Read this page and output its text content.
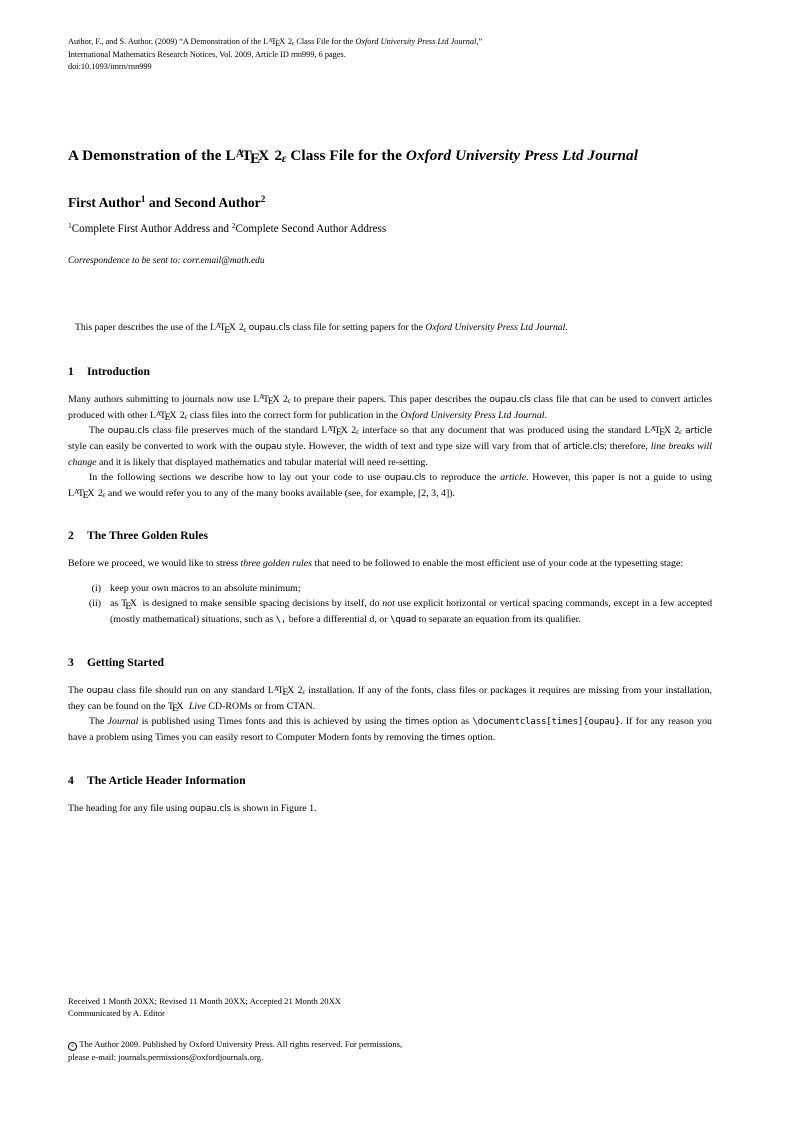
Author, F., and S. Author. (2009) “A Demonstration of the $L^ATEX$ 2ε Class File for the Oxford University Press Ltd Journal,”
International Mathematics Research Notices, Vol. 2009, Article ID rnn999, 6 pages.
doi:10.1093/imrn/rnn999
A Demonstration of the $L^ATEX$ 2ε Class File for the Oxford University Press Ltd Journal
First Author$^1$ and Second Author$^2$
$^1$Complete First Author Address and $^2$Complete Second Author Address
Correspondence to be sent to: corr.email@math.edu
This paper describes the use of the $L^ATEX$ 2ε oupau.cls class file for setting papers for the Oxford University Press Ltd Journal.
1 Introduction

Many authors submitting to journals now use $L^ATEX$ 2ε to prepare their papers. This paper describes the oupau.cls class file that can be used to convert articles produced with other $L^ATEX$ 2ε class files into the correct form for publication in the Oxford University Press Ltd Journal.

The oupau.cls class file preserves much of the standard $L^ATEX$ 2ε interface so that any document that was produced using the standard $L^ATEX$ 2ε article style can easily be converted to work with the oupau style. However, the width of text and type size will vary from that of article.cls; therefore, line breaks will change and it is likely that displayed mathematics and tabular material will need re-setting.

In the following sections we describe how to lay out your code to use oupau.cls to reproduce the article. However, this paper is not a guide to using $L^ATEX$ 2ε and we would refer you to any of the many books available (see, for example, [2, 3, 4]).

2 The Three Golden Rules

Before we proceed, we would like to stress three golden rules that need to be followed to enable the most efficient use of your code at the typesetting stage:

(i) keep your own macros to an absolute minimum;
(ii) as TEX is designed to make sensible spacing decisions by itself, do not use explicit horizontal or vertical spacing commands, except in a few accepted (mostly mathematical) situations, such as \, before a differential d, or \quad to separate an equation from its qualifier.
3 Getting Started

The oupau class file should run on any standard $L^ATEX$ 2ε installation. If any of the fonts, class files or packages it requires are missing from your installation, they can be found on the TEX Live CD-ROMs or from CTAN.

The Journal is published using Times fonts and this is achieved by using the times option as \documentclass[times]{oupau}. If for any reason you have a problem using Times you can easily resort to Computer Modern fonts by removing the times option.

4 The Article Header Information

The heading for any file using oupau.cls is shown in Figure 1.

Received 1 Month 20XX; Revised 11 Month 20XX; Accepted 21 Month 20XX

Communicated by A. Editor

c The Author 2009. Published by Oxford University Press. All rights reserved. For permissions,
please e-mail: journals.permissions@oxfordjournals.org.
